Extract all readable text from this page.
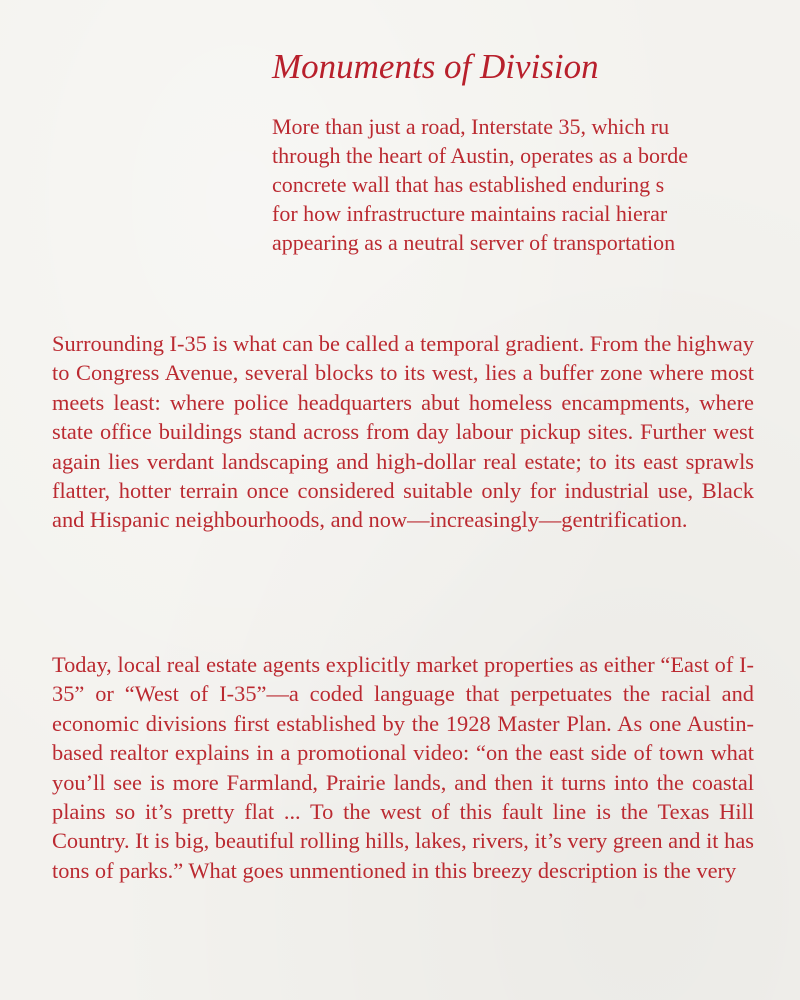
Monuments of Division
More than just a road, Interstate 35, which ru
through the heart of Austin, operates as a borde
concrete wall that has established enduring s
for how infrastructure maintains racial hierar
appearing as a neutral server of transportation

Surrounding I-35 is what can be called a temporal gradient. From the highway to Congress Avenue, several blocks to its west, lies a buffer zone where most meets least: where police headquarters abut homeless encampments, where state office buildings stand across from day labour pickup sites. Further west again lies verdant landscaping and high-dollar real estate; to its east sprawls flatter, hotter terrain once considered suitable only for industrial use, Black and Hispanic neighbourhoods, and now—increasingly—gentrification.

Today, local real estate agents explicitly market properties as either “East of I-35” or “West of I-35”—a coded language that perpetuates the racial and economic divisions first established by the 1928 Master Plan. As one Austin-based realtor explains in a promotional video: “on the east side of town what you’ll see is more Farmland, Prairie lands, and then it turns into the coastal plains so it’s pretty flat ... To the west of this fault line is the Texas Hill Country. It is big, beautiful rolling hills, lakes, rivers, it’s very green and it has tons of parks.” What goes unmentioned in this breezy description is the very
